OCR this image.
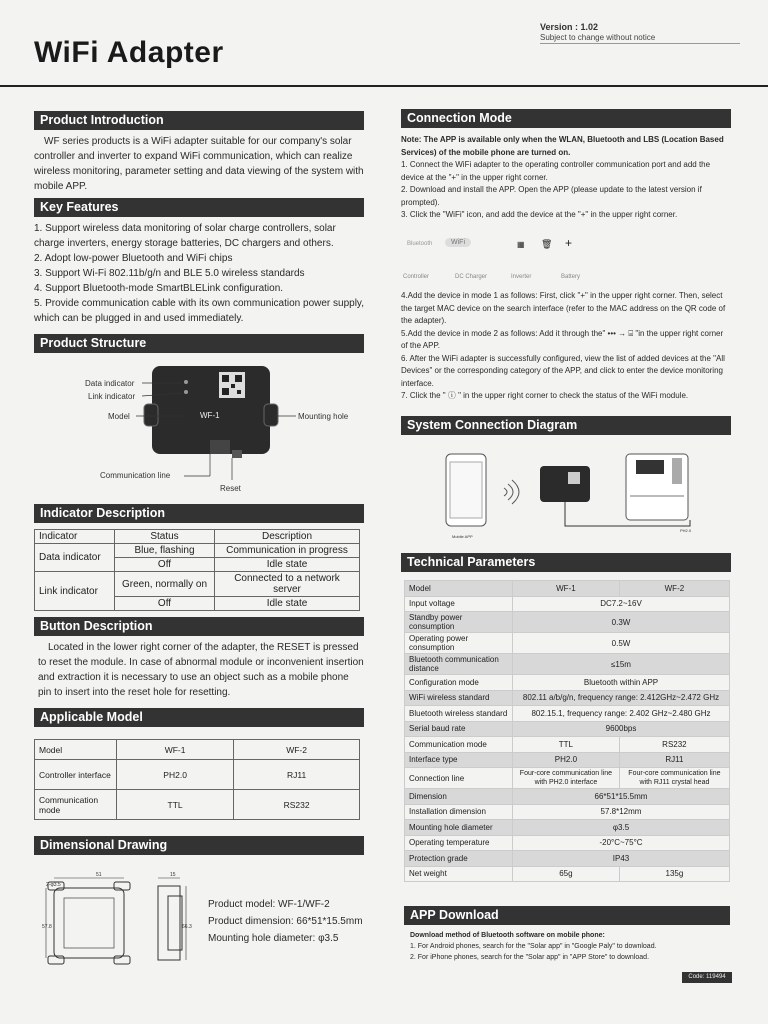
WiFi Adapter
Version : 1.02
Subject to change without notice
Product Introduction
WF series products is a WiFi adapter suitable for our company's solar controller and inverter to expand WiFi communication, which can realize wireless monitoring, parameter setting and data viewing of the system with mobile APP.
Key Features

1. Support wireless data monitoring of solar charge controllers, solar charge inverters, energy storage batteries, DC chargers and others.

2. Adopt low-power Bluetooth and WiFi chips

3. Support Wi-Fi 802.11b/g/n and BLE 5.0 wireless standards

4. Support Bluetooth-mode SmartBLELink configuration.

5. Provide communication cable with its own communication power supply, which can be plugged in and used immediately.

Product Structure
WF-1
Data indicator
Link indicator
Model	Mounting hole
Communication line
Reset
Indicator Description
Indicator	Status	Description
Data indicator	Blue, flashing	Communication in progress
	Off	Idle state
Link indicator	Green, normally on	Connected to a network server
	Off	Idle state
Button Description
Located in the lower right corner of the adapter, the RESET is pressed to reset the module. In case of abnormal module or inconvenient insertion and extraction it is necessary to use an object such as a mobile phone pin to insert into the reset hole for resetting.
Applicable Model
Model	WF-1	WF-2
Controller interface	PH2.0	RJ11
Communication mode	TTL	RS232
Dimensional Drawing
51
2-φ3.5
57.8
15
66.3

Product model: WF-1/WF-2

Product dimension: 66*51*15.5mm

Mounting hole diameter: φ3.5

Connection Mode

Note: The APP is available only when the WLAN, Bluetooth and LBS (Location Based Services) of the mobile phone are turned on.

1. Connect the WiFi adapter to the operating controller communication port and add the device at the "+" in the upper right corner.

2. Download and install the APP. Open the APP (please update to the latest version if prompted).

3. Click the "WiFi" icon, and add the device at the "+" in the upper right corner.

Bluetooth	WiFi	▦ 🗑 +
Controller	DC Charger	Inverter	Battery

4.Add the device in mode 1 as follows: First, click "+" in the upper right corner. Then, select the target MAC device on the search interface (refer to the MAC address on the QR code of the adapter).

5.Add the device in mode 2 as follows: Add it through the" ••• → ⌸ "in the upper right corner of the APP.

6. After the WiFi adapter is successfully configured, view the list of added devices at the "All Devices" or the corresponding category of the APP, and click to enter the device monitoring interface.

7. Click the " ⓘ " in the upper right corner to check the status of the WiFi module.

System Connection Diagram
Mobile APP
PH2.0
Technical Parameters
Model	WF-1	WF-2
Input voltage	DC7.2~16V	
Standby power consumption	0.3W	
Operating power consumption	0.5W	
Bluetooth communication distance	≤15m	
Configuration mode	Bluetooth within APP	
WiFi wireless standard	802.11 a/b/g/n, frequency range: 2.412GHz~2.472 GHz	
Bluetooth wireless standard	802.15.1, frequency range: 2.402 GHz~2.480 GHz	
Serial baud rate	9600bps	
Communication mode	TTL	RS232
Interface type	PH2.0	RJ11
Connection line	Four-core communication line with PH2.0 interface	Four-core communication line with RJ11 crystal head
Dimension	66*51*15.5mm	
Installation dimension	57.8*12mm	
Mounting hole diameter	φ3.5	
Operating temperature	-20°C~75°C	
Protection grade	IP43	
Net weight	65g	135g
APP Download

Download method of Bluetooth software on mobile phone:

1. For Android phones, search for the "Solar app" in "Google Paly" to download.

2. For iPhone phones, search for the "Solar app" in "APP Store" to download.

Code: 119494
